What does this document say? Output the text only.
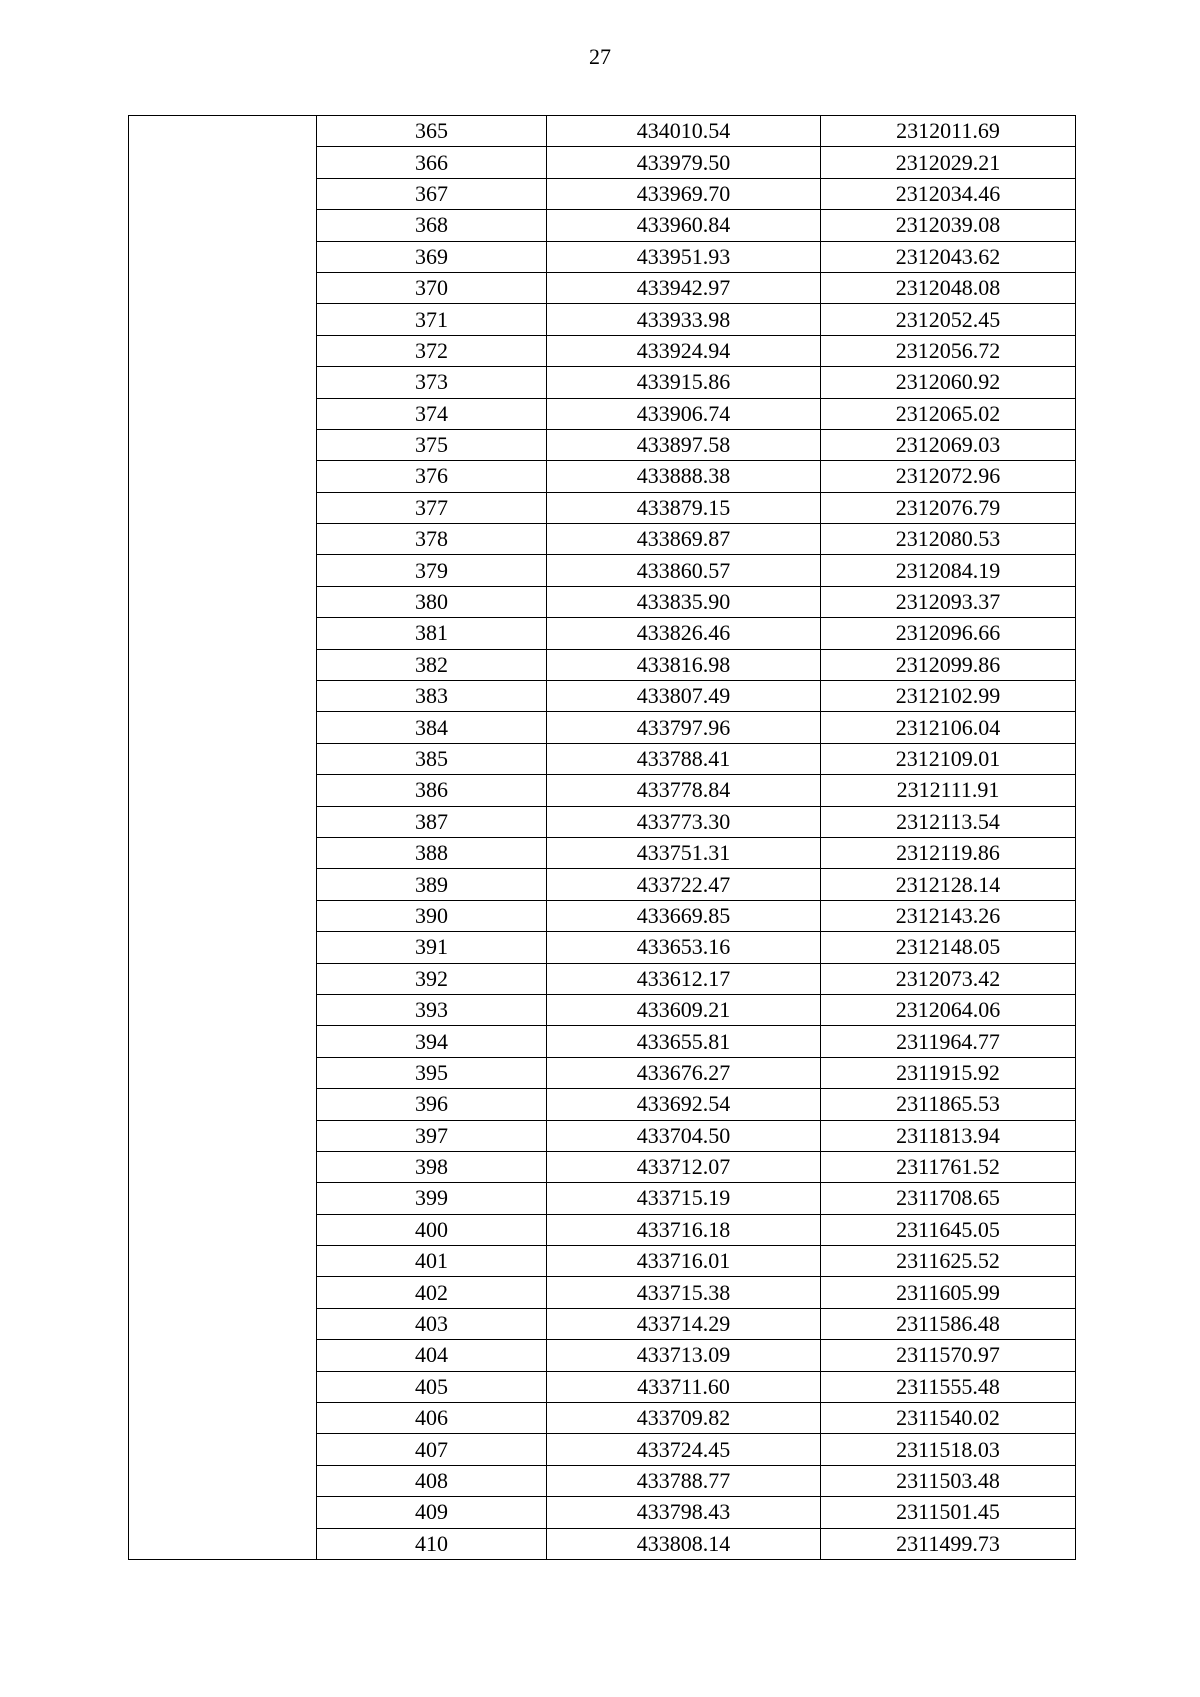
27
	365	434010.54	2312011.69
	366	433979.50	2312029.21
	367	433969.70	2312034.46
	368	433960.84	2312039.08
	369	433951.93	2312043.62
	370	433942.97	2312048.08
	371	433933.98	2312052.45
	372	433924.94	2312056.72
	373	433915.86	2312060.92
	374	433906.74	2312065.02
	375	433897.58	2312069.03
	376	433888.38	2312072.96
	377	433879.15	2312076.79
	378	433869.87	2312080.53
	379	433860.57	2312084.19
	380	433835.90	2312093.37
	381	433826.46	2312096.66
	382	433816.98	2312099.86
	383	433807.49	2312102.99
	384	433797.96	2312106.04
	385	433788.41	2312109.01
	386	433778.84	2312111.91
	387	433773.30	2312113.54
	388	433751.31	2312119.86
	389	433722.47	2312128.14
	390	433669.85	2312143.26
	391	433653.16	2312148.05
	392	433612.17	2312073.42
	393	433609.21	2312064.06
	394	433655.81	2311964.77
	395	433676.27	2311915.92
	396	433692.54	2311865.53
	397	433704.50	2311813.94
	398	433712.07	2311761.52
	399	433715.19	2311708.65
	400	433716.18	2311645.05
	401	433716.01	2311625.52
	402	433715.38	2311605.99
	403	433714.29	2311586.48
	404	433713.09	2311570.97
	405	433711.60	2311555.48
	406	433709.82	2311540.02
	407	433724.45	2311518.03
	408	433788.77	2311503.48
	409	433798.43	2311501.45
	410	433808.14	2311499.73
